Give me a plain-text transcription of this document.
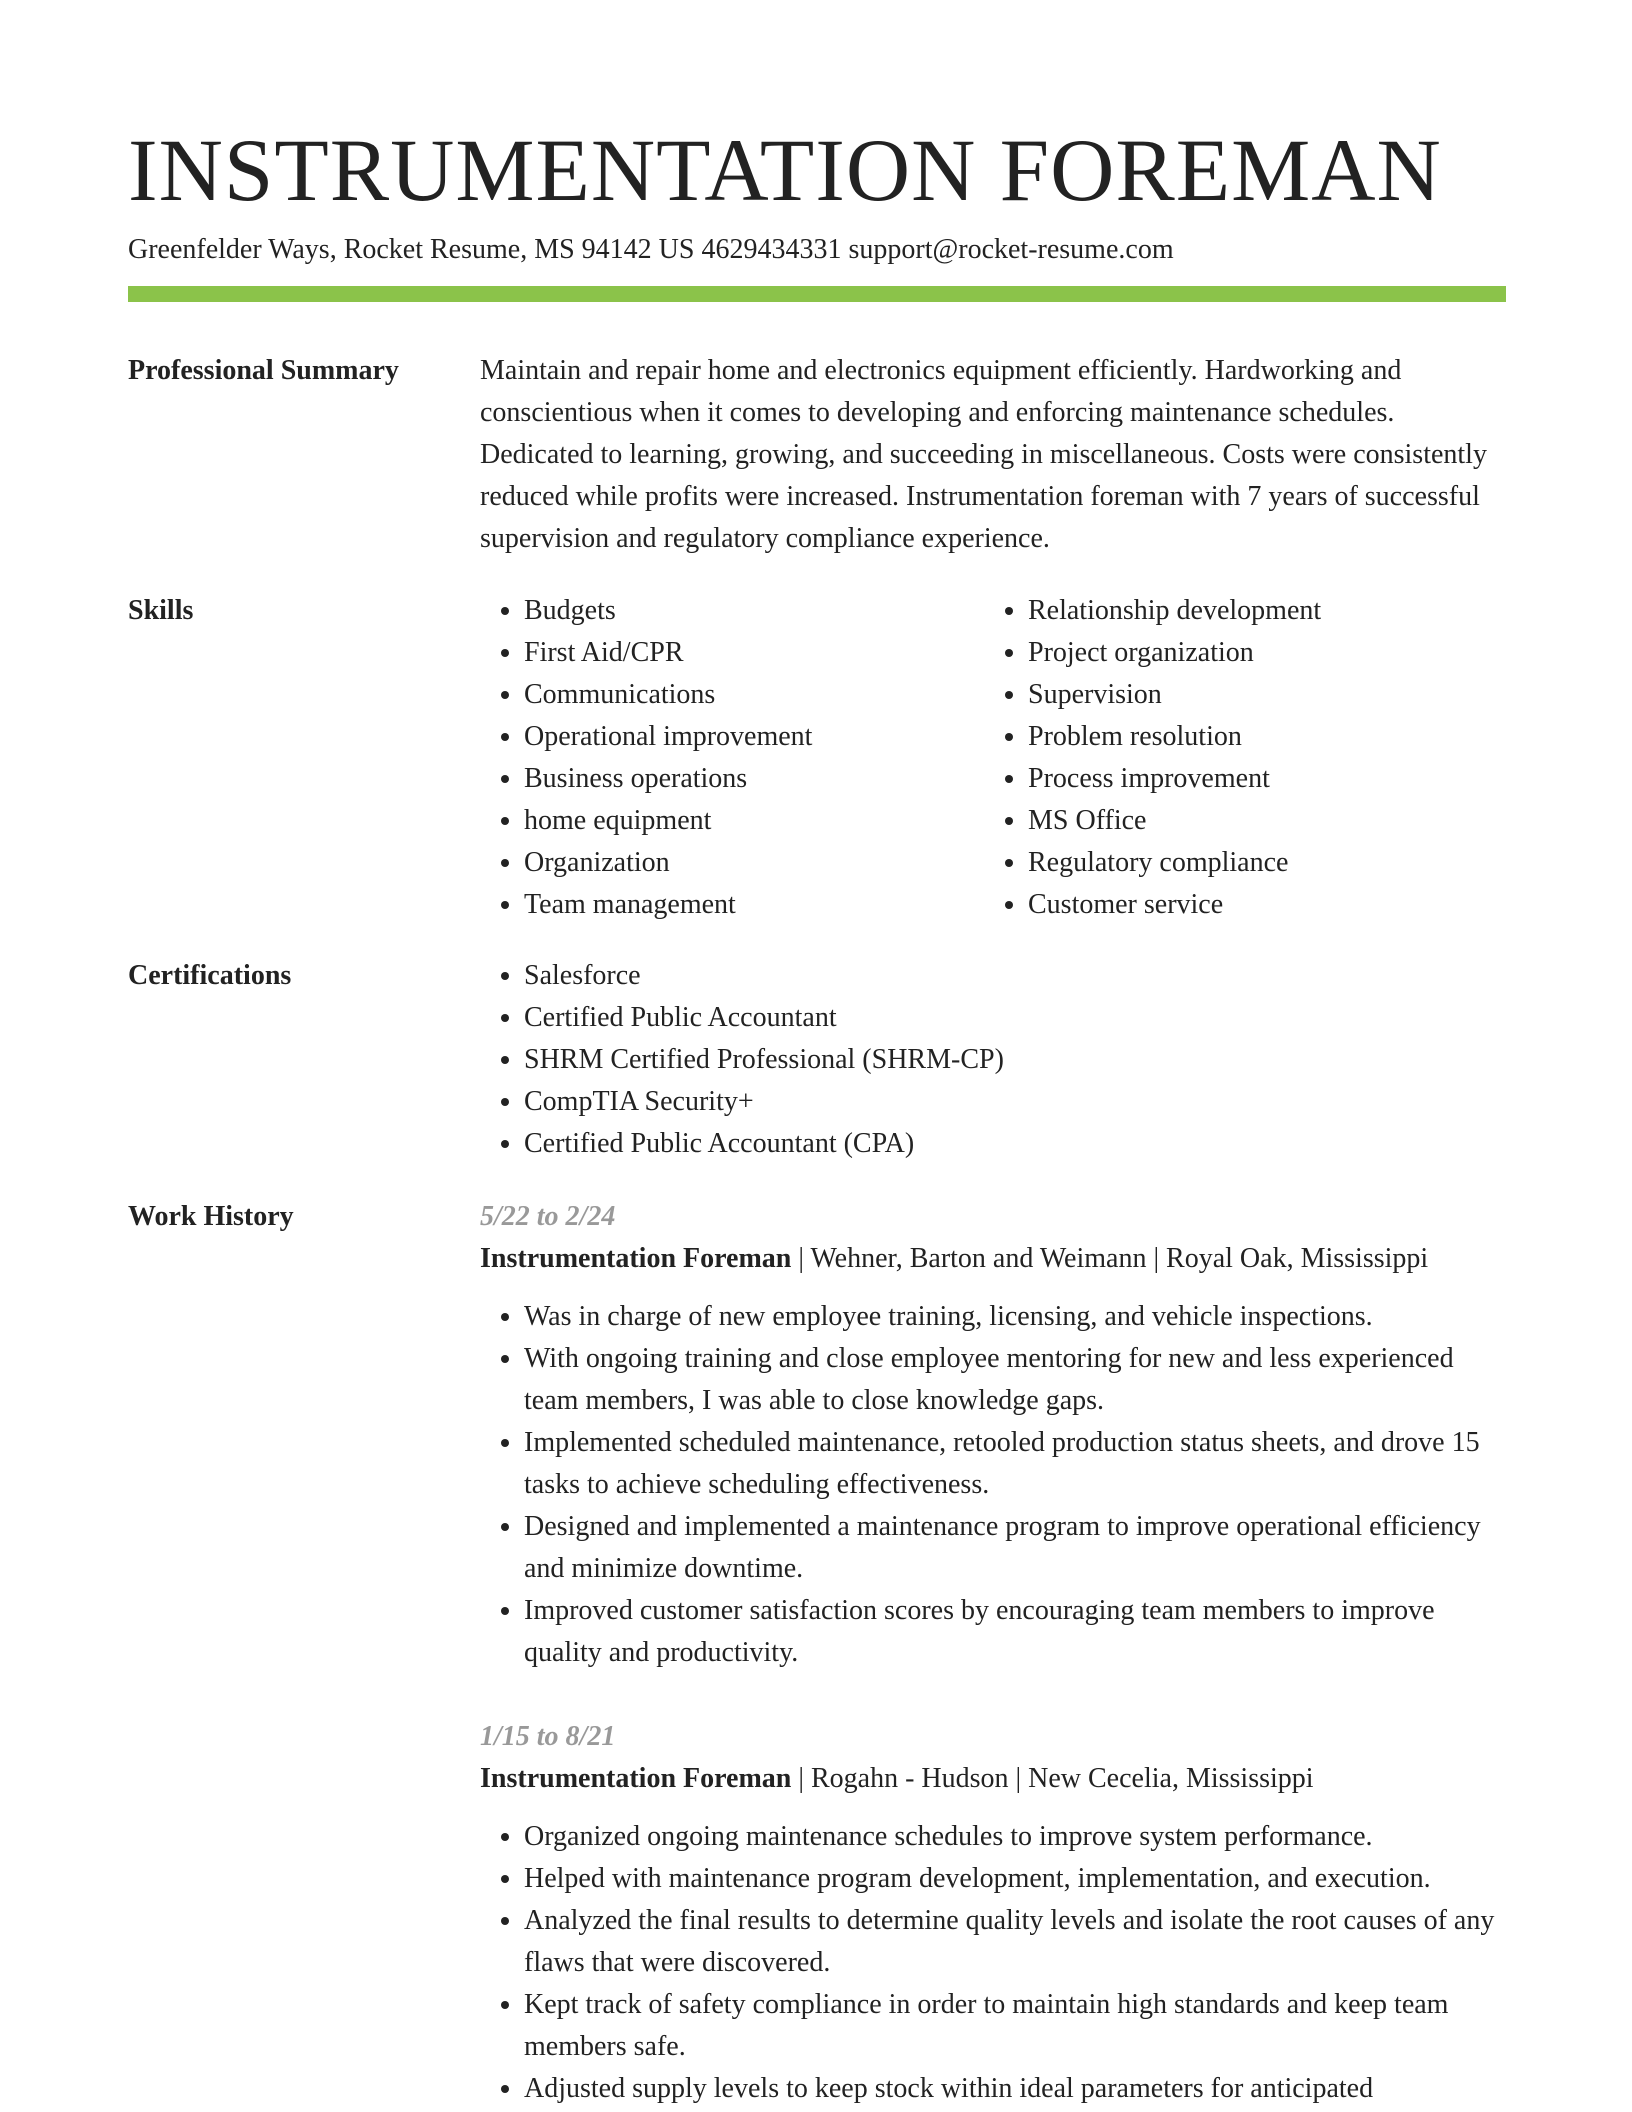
INSTRUMENTATION FOREMAN
Greenfelder Ways, Rocket Resume, MS 94142 US 4629434331 support@rocket-resume.com
Professional Summary	Maintain and repair home and electronics equipment efficiently. Hardworking and conscientious when it comes to developing and enforcing maintenance schedules. Dedicated to learning, growing, and succeeding in miscellaneous. Costs were consistently reduced while profits were increased. Instrumentation foreman with 7 years of successful supervision and regulatory compliance experience.

Skills	• Budgets
• First Aid/CPR
• Communications
• Operational improvement
• Business operations
• home equipment
• Organization
• Team management
• Relationship development
• Project organization
• Supervision
• Problem resolution
• Process improvement
• MS Office
• Regulatory compliance
• Customer service
Certifications	• Salesforce
• Certified Public Accountant
• SHRM Certified Professional (SHRM-CP)
• CompTIA Security+
• Certified Public Accountant (CPA)
Work History	5/22 to 2/24

Instrumentation Foreman | Wehner, Barton and Weimann | Royal Oak, Mississippi

• Was in charge of new employee training, licensing, and vehicle inspections.
• With ongoing training and close employee mentoring for new and less experienced team members, I was able to close knowledge gaps.
• Implemented scheduled maintenance, retooled production status sheets, and drove 15 tasks to achieve scheduling effectiveness.
• Designed and implemented a maintenance program to improve operational efficiency and minimize downtime.
• Improved customer satisfaction scores by encouraging team members to improve quality and productivity.

1/15 to 8/21

Instrumentation Foreman | Rogahn - Hudson | New Cecelia, Mississippi

• Organized ongoing maintenance schedules to improve system performance.
• Helped with maintenance program development, implementation, and execution.
• Analyzed the final results to determine quality levels and isolate the root causes of any flaws that were discovered.
• Kept track of safety compliance in order to maintain high standards and keep team members safe.
• Adjusted supply levels to keep stock within ideal parameters for anticipated
